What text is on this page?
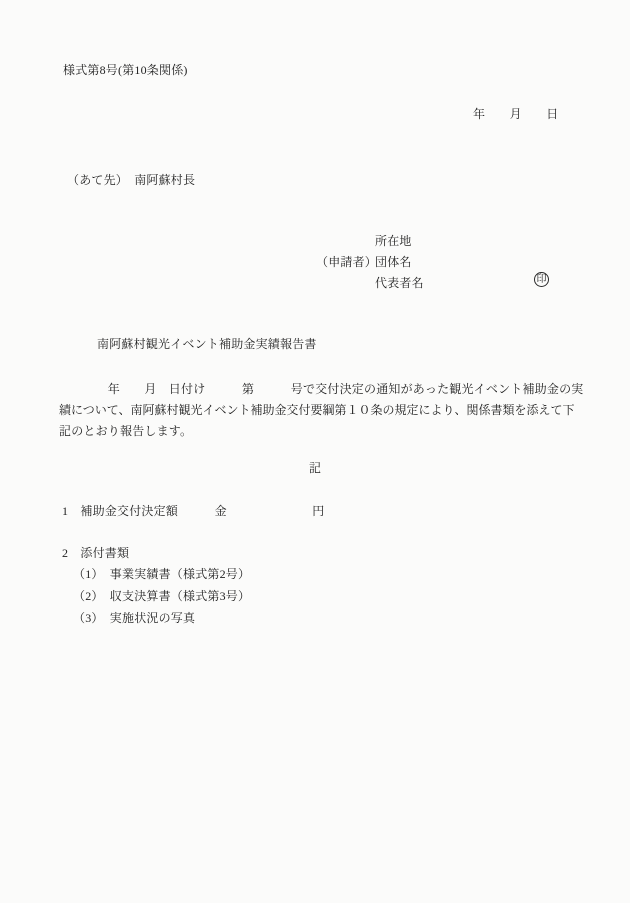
様式第8号(第10条関係)
年　　月　　日
（あて先）　南阿蘇村長
所在地
（申請者）
団体名
代表者名	印
南阿蘇村観光イベント補助金実績報告書
　　　　年　　月　日付け　　　第　　　号で交付決定の通知があった観光イベント補助金の実
績について、南阿蘇村観光イベント補助金交付要綱第１０条の規定により、関係書類を添えて下
記のとおり報告します。
記
1　補助金交付決定額　　　金　　　　　　　円
2　添付書類
（1）　事業実績書（様式第2号）
（2）　収支決算書（様式第3号）
（3）　実施状況の写真
